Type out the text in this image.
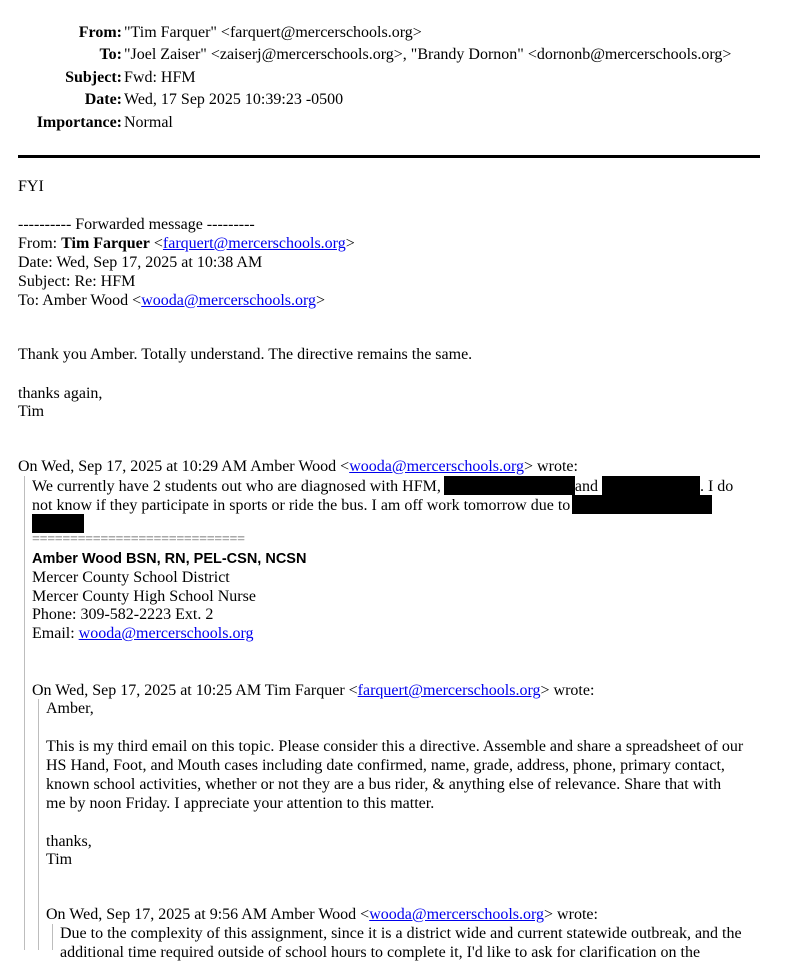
From: "Tim Farquer" <farquert@mercerschools.org>
To: "Joel Zaiser" <zaiserj@mercerschools.org>, "Brandy Dornon" <dornonb@mercerschools.org>
Subject: Fwd: HFM
Date: Wed, 17 Sep 2025 10:39:23 -0500
Importance: Normal
FYI
---------- Forwarded message ---------
From: Tim Farquer <farquert@mercerschools.org>
Date: Wed, Sep 17, 2025 at 10:38 AM
Subject: Re: HFM
To: Amber Wood <wooda@mercerschools.org>
Thank you Amber. Totally understand. The directive remains the same.
thanks again,
Tim
On Wed, Sep 17, 2025 at 10:29 AM Amber Wood <wooda@mercerschools.org> wrote:
We currently have 2 students out who are diagnosed with HFM,	and	. I do
not know if they participate in sports or ride the bus. I am off work tomorrow due to
============================
Amber Wood BSN, RN, PEL-CSN, NCSN
Mercer County School District
Mercer County High School Nurse
Phone: 309-582-2223 Ext. 2
Email: wooda@mercerschools.org
On Wed, Sep 17, 2025 at 10:25 AM Tim Farquer <farquert@mercerschools.org> wrote:
Amber,
This is my third email on this topic. Please consider this a directive. Assemble and share a spreadsheet of our
HS Hand, Foot, and Mouth cases including date confirmed, name, grade, address, phone, primary contact,
known school activities, whether or not they are a bus rider, & anything else of relevance. Share that with
me by noon Friday. I appreciate your attention to this matter.
thanks,
Tim
On Wed, Sep 17, 2025 at 9:56 AM Amber Wood <wooda@mercerschools.org> wrote:
Due to the complexity of this assignment, since it is a district wide and current statewide outbreak, and the
additional time required outside of school hours to complete it, I'd like to ask for clarification on the
